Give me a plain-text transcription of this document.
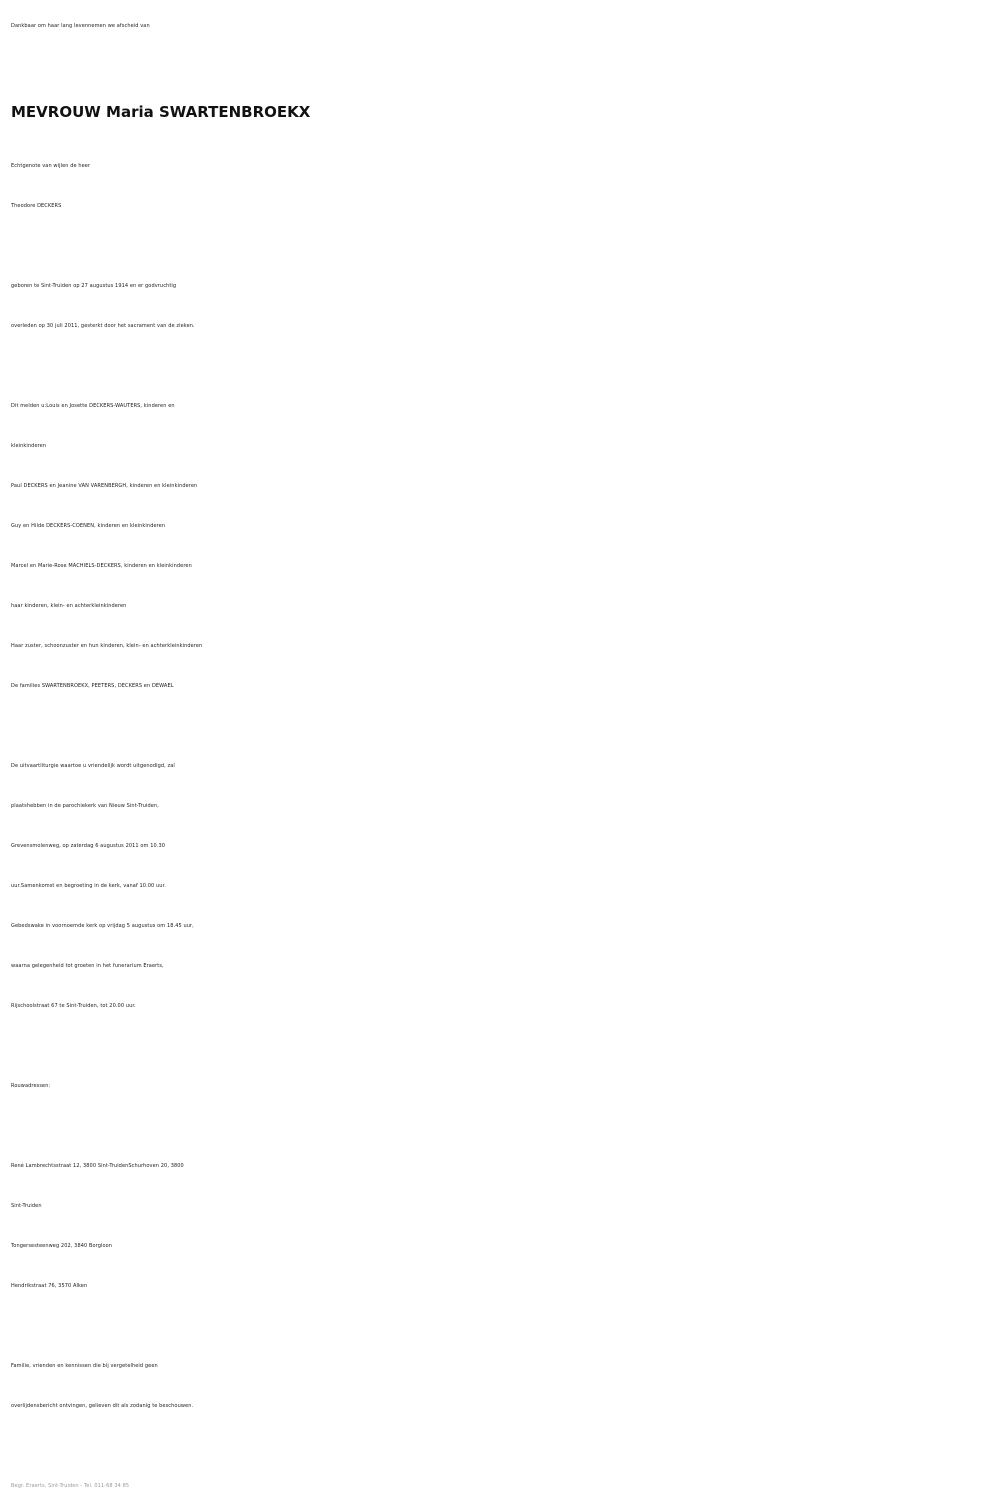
Dankbaar om haar lang levennemen we afscheid van
MEVROUW Maria SWARTENBROEKX
Echtgenote van wijlen de heer
Theodore DECKERS
geboren te Sint-Truiden op 27 augustus 1914 en er godvruchtig
overleden op 30 juli 2011, gesterkt door het sacrament van de zieken.
Dit melden u:Louis en Josette DECKERS-WAUTERS, kinderen en
kleinkinderen
Paul DECKERS en Jeanine VAN VARENBERGH, kinderen en kleinkinderen
Guy en Hilde DECKERS-COENEN, kinderen en kleinkinderen
Marcel en Marie-Rose MACHIELS-DECKERS, kinderen en kleinkinderen
haar kinderen, klein- en achterkleinkinderen
Haar zuster, schoonzuster en hun kinderen, klein- en achterkleinkinderen
De families SWARTENBROEKX, PEETERS, DECKERS en DEWAEL
De uitvaartliturgie waartoe u vriendelijk wordt uitgenodigd, zal
plaatshebben in de parochiekerk van Nieuw Sint-Truiden,
Grevensmolenweg, op zaterdag 6 augustus 2011 om 10.30
uur.Samenkomst en begroeting in de kerk, vanaf 10.00 uur.
Gebedswake in voornoemde kerk op vrijdag 5 augustus om 18.45 uur,
waarna gelegenheid tot groeten in het funerarium Eraerts,
Rijschoolstraat 67 te Sint-Truiden, tot 20.00 uur.
Rouwadressen:
René Lambrechtsstraat 12, 3800 Sint-TruidenSchurhoven 20, 3800
Sint-Truiden
Tongersesteenweg 202, 3840 Borgloon
Hendrikstraat 76, 3570 Alken
Familie, vrienden en kennissen die bij vergetelheid geen
overlijdensbericht ontvingen, gelieven dit als zodanig te beschouwen.
Begr. Eraerts, Sint-Truiden - Tel. 011-68 34 85
